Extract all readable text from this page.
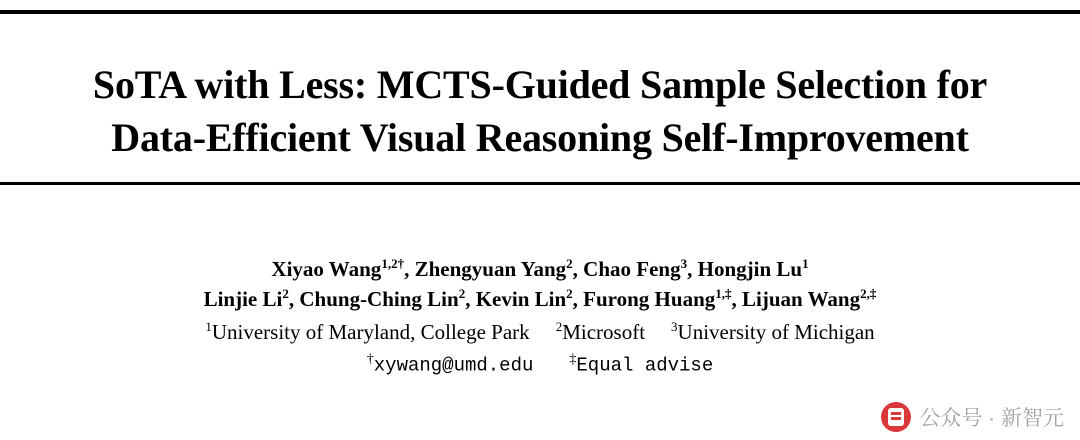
SoTA with Less: MCTS-Guided Sample Selection for
Data-Efficient Visual Reasoning Self-Improvement
Xiyao Wang$^{1,2\dagger}$, Zhengyuan Yang$^2$, Chao Feng$^3$, Hongjin Lu$^1$
Linjie Li$^2$, Chung-Ching Lin$^2$, Kevin Lin$^2$, Furong Huang$^{1,\ddagger}$, Lijuan Wang$^{2,\ddagger}$
$^1$University of Maryland, College Park $^2$Microsoft $^3$University of Michigan
†xywang@umd.edu	‡Equal advise
公众号 · 新智元
